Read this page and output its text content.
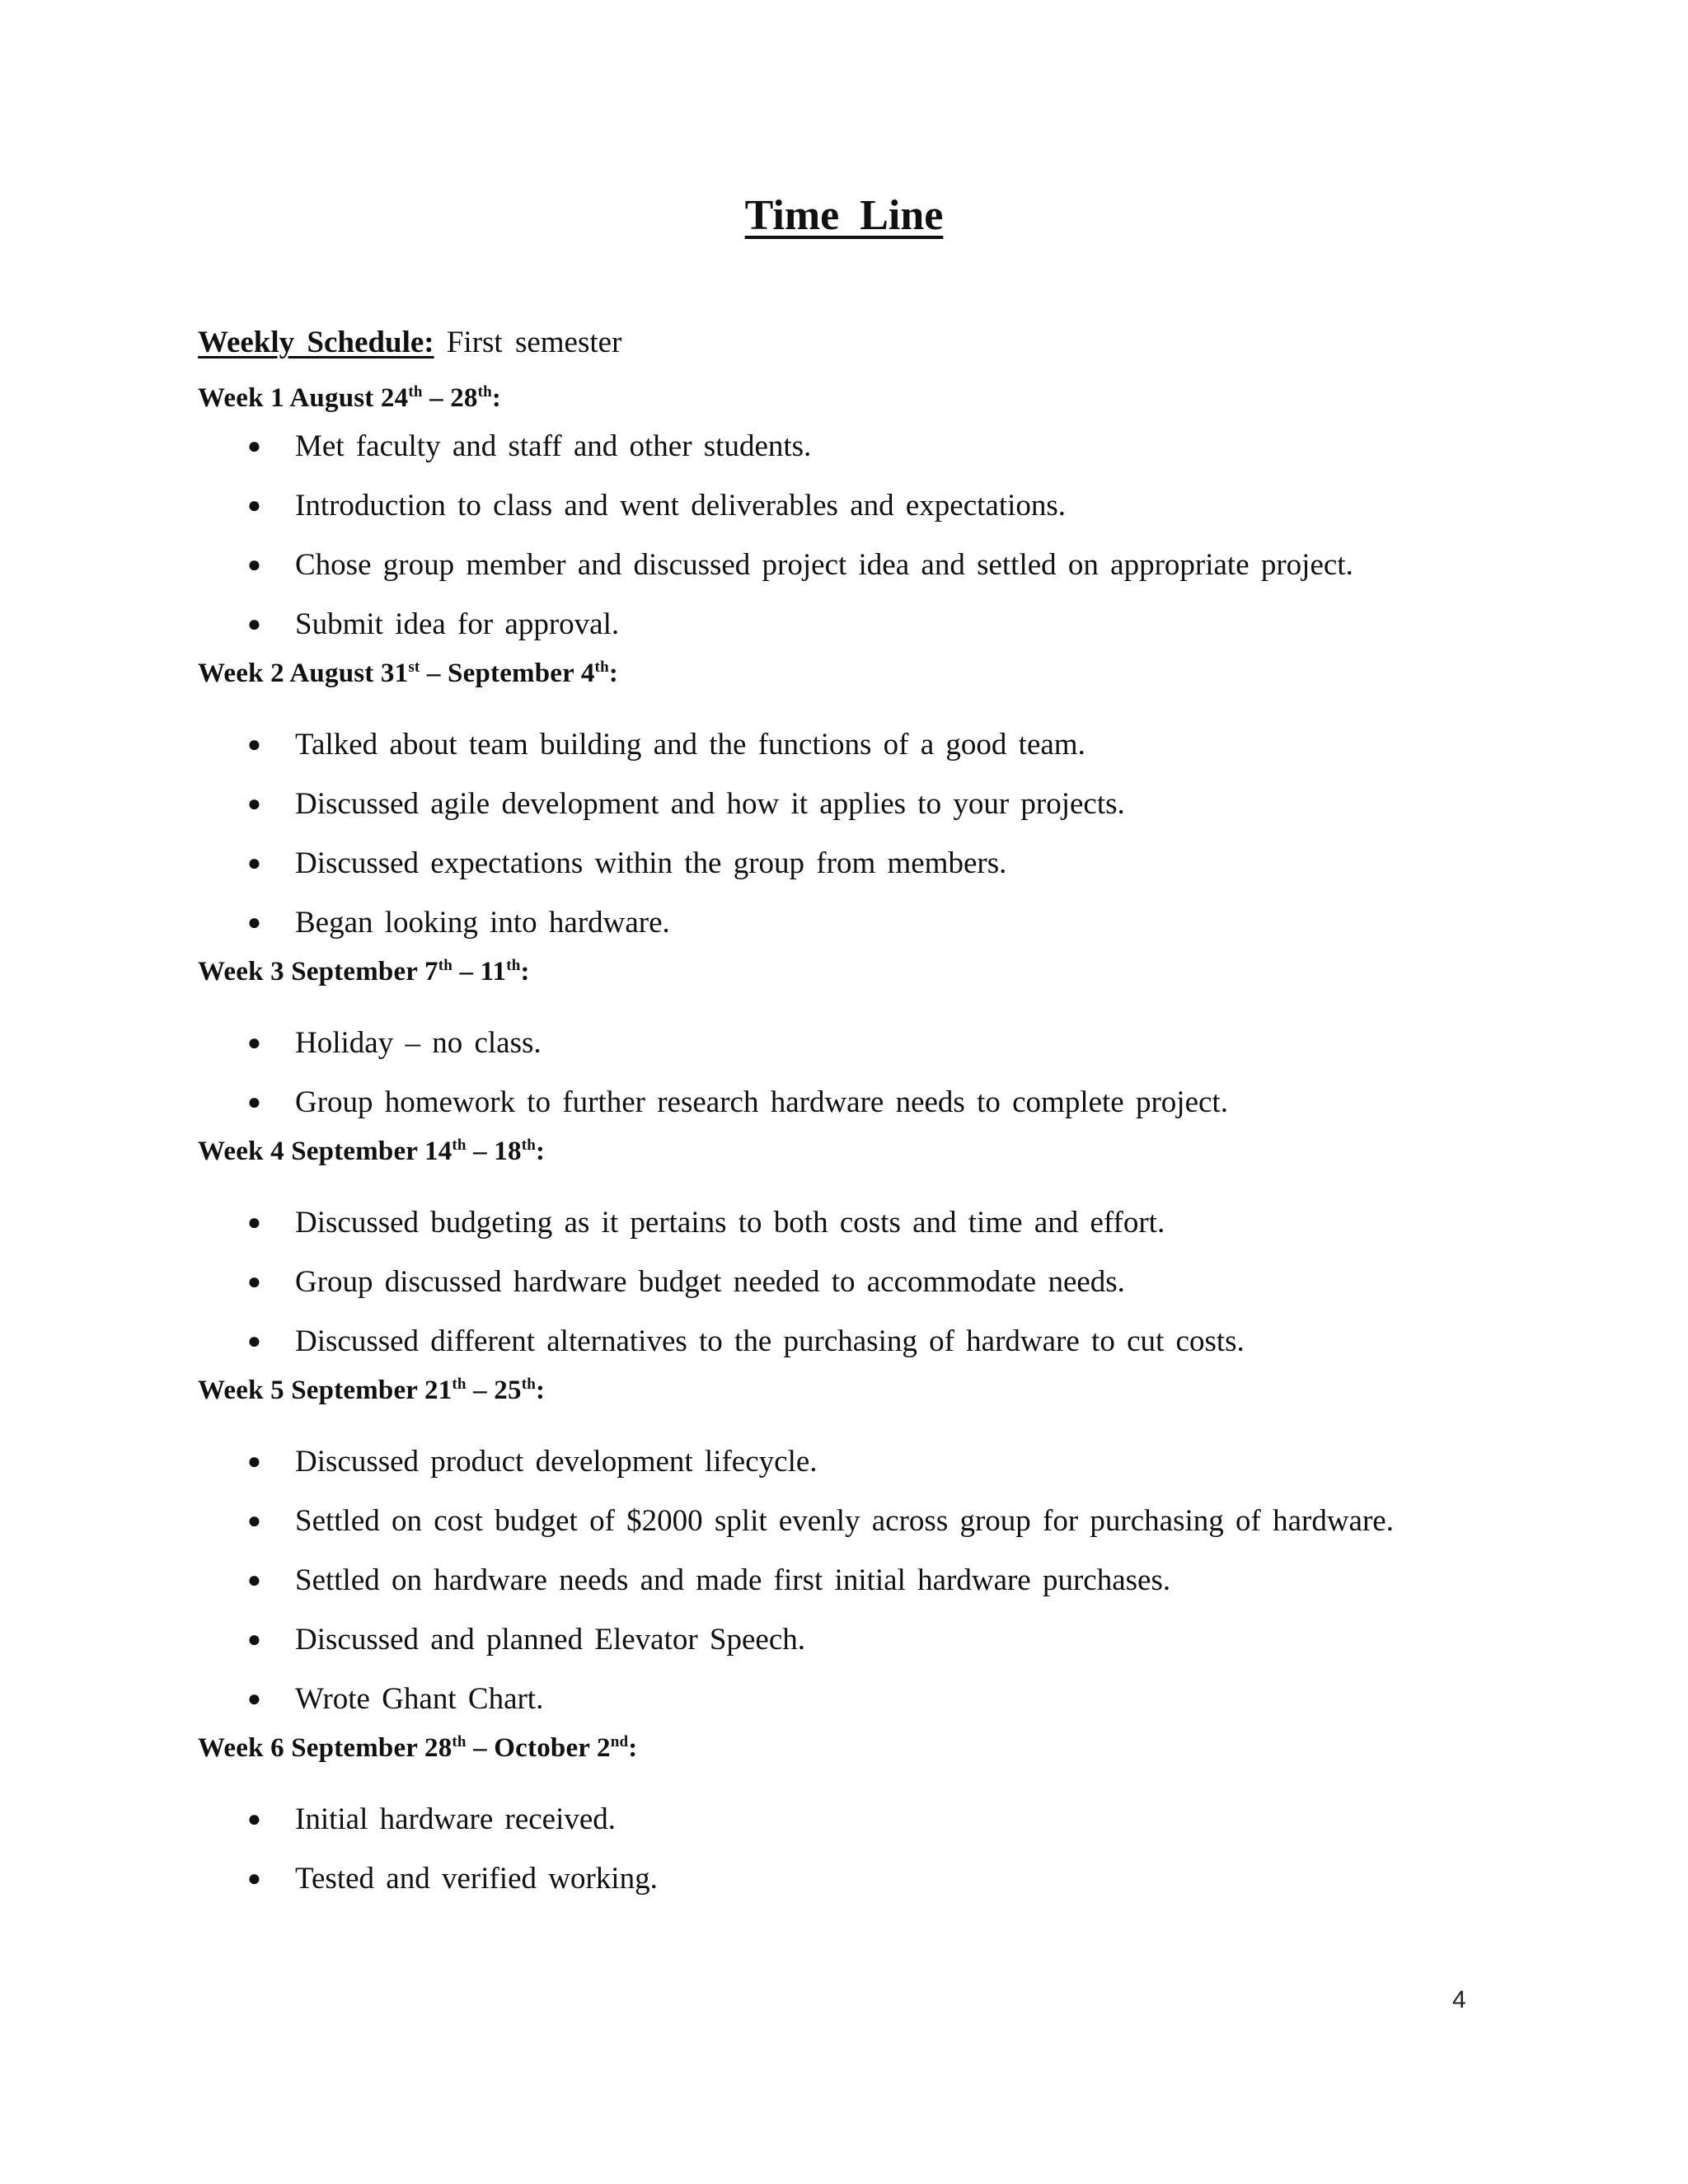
Time Line

Weekly Schedule: First semester

Week 1 August 24th – 28th:

● Met faculty and staff and other students.
● Introduction to class and went deliverables and expectations.
● Chose group member and discussed project idea and settled on appropriate project.
● Submit idea for approval.

Week 2 August 31st – September 4th:

● Talked about team building and the functions of a good team.
● Discussed agile development and how it applies to your projects.
● Discussed expectations within the group from members.
● Began looking into hardware.

Week 3 September 7th – 11th:

● Holiday – no class.
● Group homework to further research hardware needs to complete project.

Week 4 September 14th – 18th:

● Discussed budgeting as it pertains to both costs and time and effort.
● Group discussed hardware budget needed to accommodate needs.
● Discussed different alternatives to the purchasing of hardware to cut costs.

Week 5 September 21th – 25th:

● Discussed product development lifecycle.
● Settled on cost budget of $2000 split evenly across group for purchasing of hardware.
● Settled on hardware needs and made first initial hardware purchases.
● Discussed and planned Elevator Speech.
● Wrote Ghant Chart.

Week 6 September 28th – October 2nd:

● Initial hardware received.
● Tested and verified working.
4
